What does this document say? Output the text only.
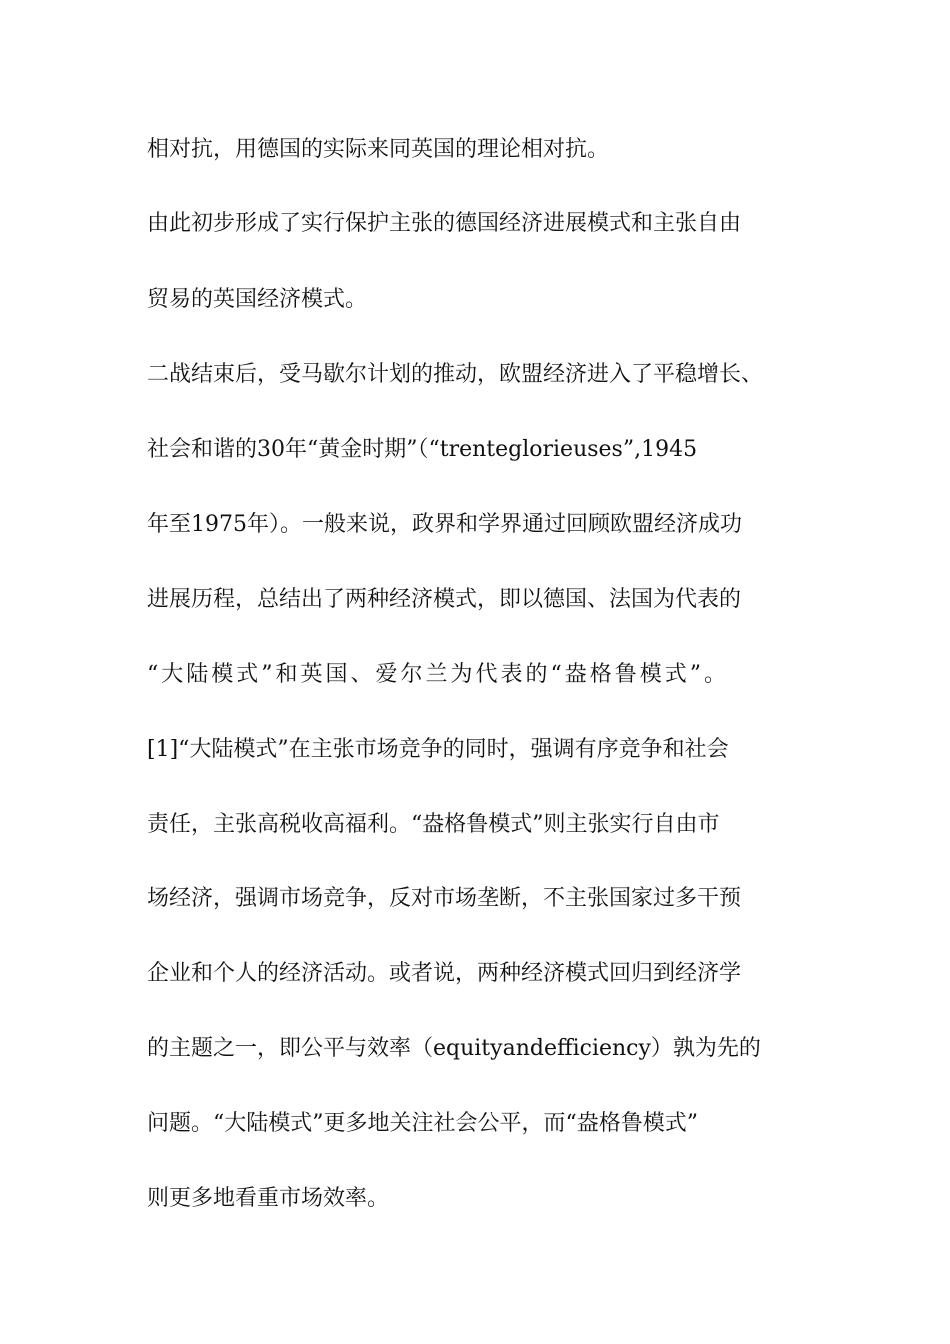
相对抗，用德国的实际来同英国的理论相对抗。
由此初步形成了实行保护主张的德国经济进展模式和主张自由
贸易的英国经济模式。
二战结束后，受马歇尔计划的推动，欧盟经济进入了平稳增长、
社会和谐的30年“黄金时期”（“trenteglorieuses”,1945
年至1975年）。一般来说，政界和学界通过回顾欧盟经济成功
进展历程，总结出了两种经济模式，即以德国、法国为代表的
“大陆模式”和英国、爱尔兰为代表的“盎格鲁模式”。
[1]“大陆模式”在主张市场竞争的同时，强调有序竞争和社会
责任，主张高税收高福利。“盎格鲁模式”则主张实行自由市
场经济，强调市场竞争，反对市场垄断，不主张国家过多干预
企业和个人的经济活动。或者说，两种经济模式回归到经济学
的主题之一，即公平与效率（equityandefficiency）孰为先的
问题。“大陆模式”更多地关注社会公平，而“盎格鲁模式”
则更多地看重市场效率。
